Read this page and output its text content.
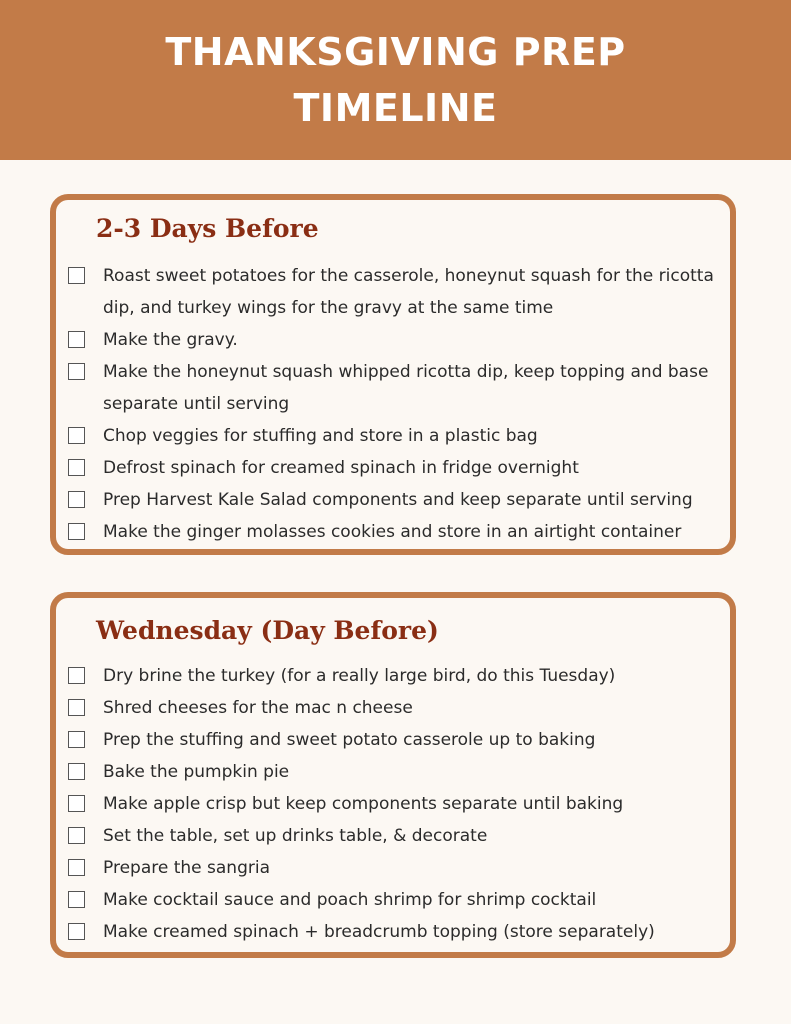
THANKSGIVING PREP
TIMELINE
2-3 Days Before
Roast sweet potatoes for the casserole, honeynut squash for the ricotta dip, and turkey wings for the gravy at the same time
Make the gravy.
Make the honeynut squash whipped ricotta dip, keep topping and base separate until serving
Chop veggies for stuffing and store in a plastic bag
Defrost spinach for creamed spinach in fridge overnight
Prep Harvest Kale Salad components and keep separate until serving
Make the ginger molasses cookies and store in an airtight container
Wednesday (Day Before)
Dry brine the turkey (for a really large bird, do this Tuesday)
Shred cheeses for the mac n cheese
Prep the stuffing and sweet potato casserole up to baking
Bake the pumpkin pie
Make apple crisp but keep components separate until baking
Set the table, set up drinks table, & decorate
Prepare the sangria
Make cocktail sauce and poach shrimp for shrimp cocktail
Make creamed spinach + breadcrumb topping (store separately)
